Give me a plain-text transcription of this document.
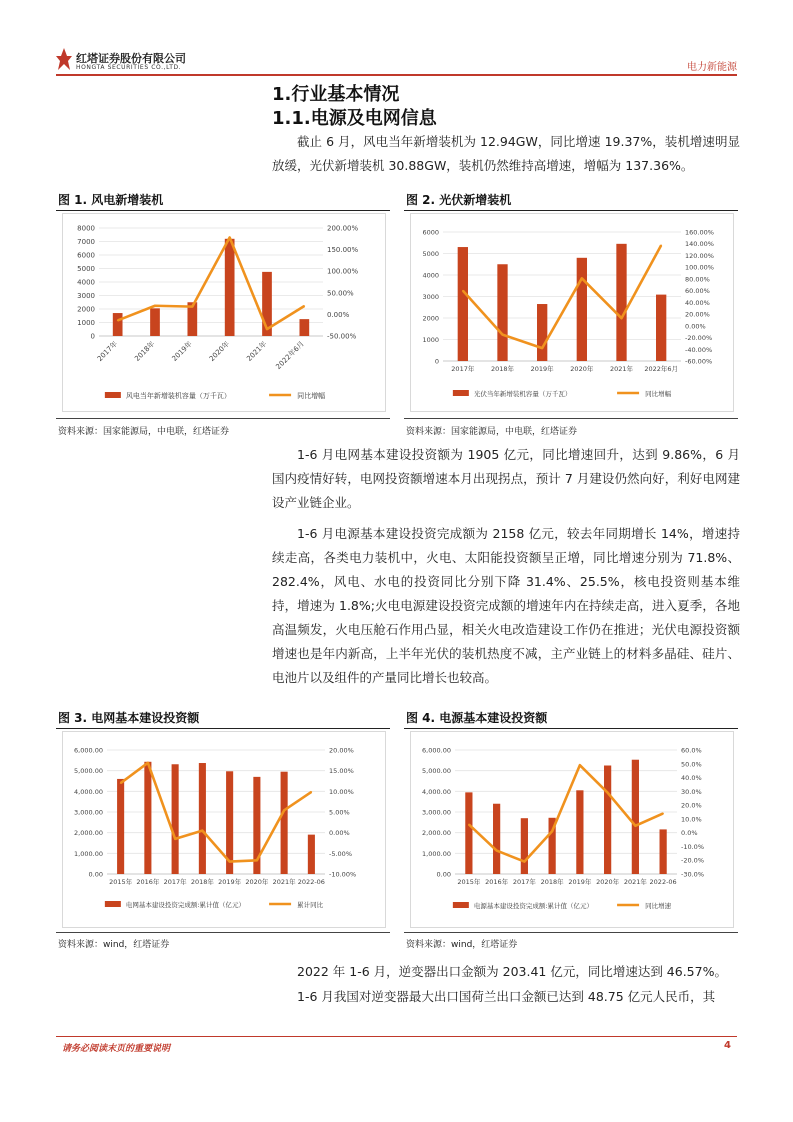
红塔证券股份有限公司
HONGTA SECURITIES CO.,LTD.	电力新能源
1.行业基本情况
1.1.电源及电网信息

截止 6 月，风电当年新增装机为 12.94GW，同比增速 19.37%，装机增速明显放缓，光伏新增装机 30.88GW，装机仍然维持高增速，增幅为 137.36%。

图 1. 风电新增装机
8000
7000
6000
5000
4000
3000
2000
1000
0
200.00%
150.00%
100.00%
50.00%
0.00%
-50.00%
2017年 2018年 2019年 2020年 2021年 2022年6月
风电当年新增装机容量（万千瓦）	同比增幅
资料来源：国家能源局，中电联，红塔证券
图 2. 光伏新增装机
6000
5000
4000
3000
2000
1000
0
160.00%
140.00%
120.00%
100.00%
80.00%
60.00%
40.00%
20.00%
0.00%
-20.00%
-40.00%
-60.00%
2017年	2018年	2019年	2020年	2021年 2022年6月
光伏当年新增装机容量（万千瓦）	同比增幅
资料来源：国家能源局，中电联，红塔证券

1-6 月电网基本建设投资额为 1905 亿元，同比增速回升，达到 9.86%，6 月国内疫情好转，电网投资额增速本月出现拐点，预计 7 月建设仍然向好，利好电网建设产业链企业。

1-6 月电源基本建设投资完成额为 2158 亿元，较去年同期增长 14%，增速持续走高，各类电力装机中，火电、太阳能投资额呈正增，同比增速分别为 71.8%、282.4%，风电、水电的投资同比分别下降 31.4%、25.5%，核电投资则基本维持，增速为 1.8%;火电电源建设投资完成额的增速年内在持续走高，进入夏季，各地高温频发，火电压舱石作用凸显，相关火电改造建设工作仍在推进；光伏电源投资额增速也是年内新高，上半年光伏的装机热度不减，主产业链上的材料多晶硅、硅片、电池片以及组件的产量同比增长也较高。

图 3. 电网基本建设投资额
6,000.00
5,000.00
4,000.00
3,000.00
2,000.00
1,000.00
0.00
20.00%
15.00%
10.00%
5.00%
0.00%
-5.00%
-10.00%
2015年 2016年 2017年 2018年 2019年 2020年 2021年 2022-06
电网基本建设投资完成额:累计值（亿元）	累计同比
资料来源：wind，红塔证券
图 4. 电源基本建设投资额
6,000.00
5,000.00
4,000.00
3,000.00
2,000.00
1,000.00
0.00
60.0%
50.0%
40.0%
30.0%
20.0%
10.0%
0.0%
-10.0%
-20.0%
-30.0%
2015年 2016年 2017年 2018年 2019年 2020年 2021年 2022-06
电源基本建设投资完成额:累计值（亿元）	同比增速
资料来源：wind，红塔证券

2022 年 1-6 月，逆变器出口金额为 203.41 亿元，同比增速达到 46.57%。

1-6 月我国对逆变器最大出口国荷兰出口金额已达到 48.75 亿元人民币，其

请务必阅读末页的重要说明	4
